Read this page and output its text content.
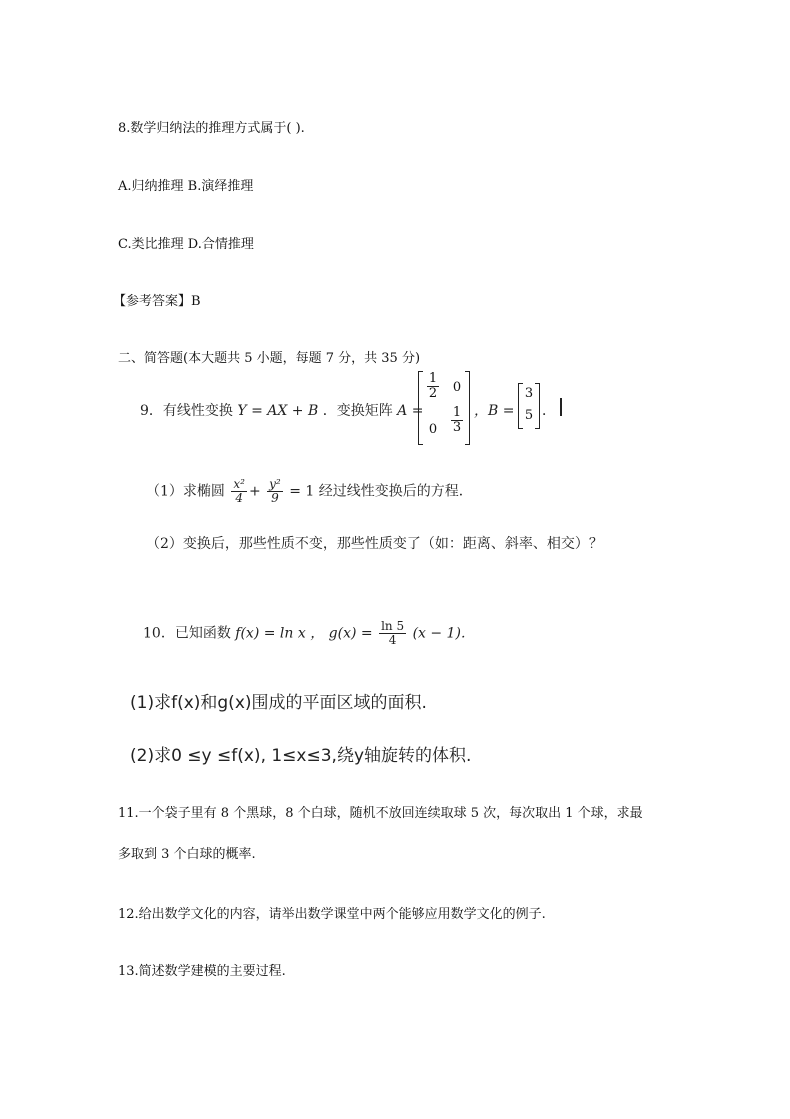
8.数学归纳法的推理方式属于( ).
A.归纳推理 B.演绎推理
C.类比推理 D.合情推理
【参考答案】B
二、简答题(本大题共 5 小题，每题 7 分，共 35 分)
9．有线性变换 Y = AX + B ．变换矩阵 A =
$\frac{1}{2} 0$
0	$\frac{1}{3}$ ，B =
3
5 ．
（1）求椭圆 $\frac{\text{x²}}{4} + \frac{\text{y²}}{9} = 1$ 经过线性变换后的方程．
（2）变换后，那些性质不变，那些性质变了（如：距离、斜率、相交）？
10．已知函数 f(x) = ln x ， $g(x) = \frac{\ln 5}{4} (x - 1)$．
(1)求f(x)和g(x)围成的平面区域的面积.
(2)求0 ≤y ≤f(x), 1≤x≤3,绕y轴旋转的体积.
11.一个袋子里有 8 个黑球，8 个白球，随机不放回连续取球 5 次，每次取出 1 个球，求最
多取到 3 个白球的概率.
12.给出数学文化的内容，请举出数学课堂中两个能够应用数学文化的例子.
13.简述数学建模的主要过程.
